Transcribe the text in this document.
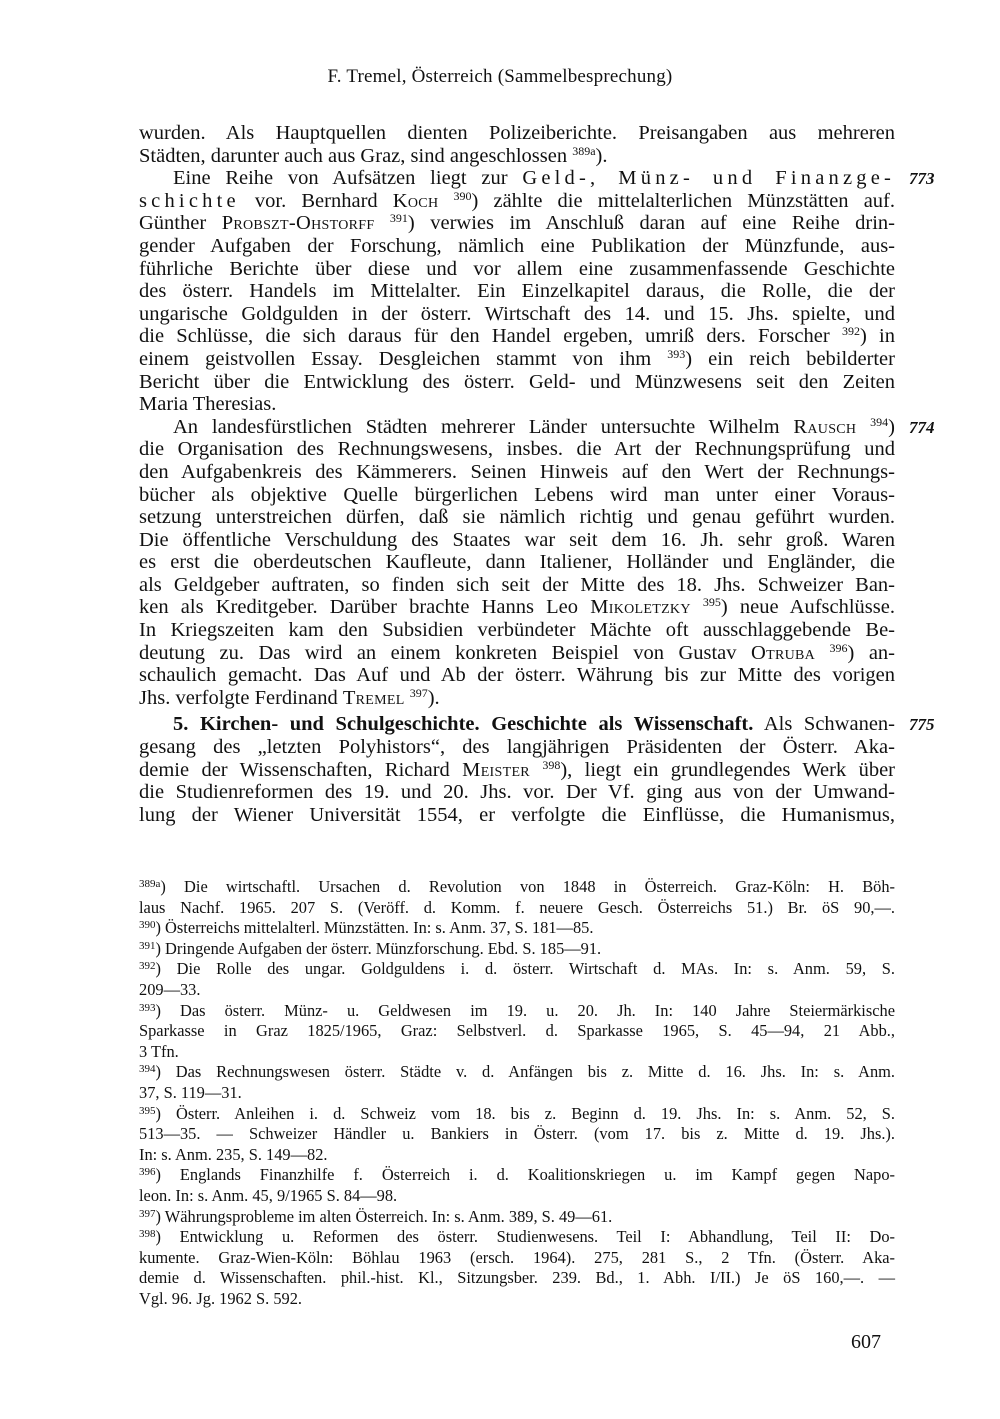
F. Tremel, Österreich (Sammelbesprechung)
wurden. Als Hauptquellen dienten Polizeiberichte. Preisangaben aus mehreren
Städten, darunter auch aus Graz, sind angeschlossen $^{389a}$).
Eine Reihe von Aufsätzen liegt zur Geld-, Münz- und Finanzge- 773
schichte vor. Bernhard Koch $^{390}$) zählte die mittelalterlichen Münzstätten auf.
Günther Probszt-Ohstorff $^{391}$) verwies im Anschluß daran auf eine Reihe drin-
gender Aufgaben der Forschung, nämlich eine Publikation der Münzfunde, aus-
führliche Berichte über diese und vor allem eine zusammenfassende Geschichte
des österr. Handels im Mittelalter. Ein Einzelkapitel daraus, die Rolle, die der
ungarische Goldgulden in der österr. Wirtschaft des 14. und 15. Jhs. spielte, und
die Schlüsse, die sich daraus für den Handel ergeben, umriß ders. Forscher $^{392}$) in
einem geistvollen Essay. Desgleichen stammt von ihm $^{393}$) ein reich bebilderter
Bericht über die Entwicklung des österr. Geld- und Münzwesens seit den Zeiten
Maria Theresias.
An landesfürstlichen Städten mehrerer Länder untersuchte Wilhelm Rausch $^{394}$) 774
die Organisation des Rechnungswesens, insbes. die Art der Rechnungsprüfung und
den Aufgabenkreis des Kämmerers. Seinen Hinweis auf den Wert der Rechnungs-
bücher als objektive Quelle bürgerlichen Lebens wird man unter einer Voraus-
setzung unterstreichen dürfen, daß sie nämlich richtig und genau geführt wurden.
Die öffentliche Verschuldung des Staates war seit dem 16. Jh. sehr groß. Waren
es erst die oberdeutschen Kaufleute, dann Italiener, Holländer und Engländer, die
als Geldgeber auftraten, so finden sich seit der Mitte des 18. Jhs. Schweizer Ban-
ken als Kreditgeber. Darüber brachte Hanns Leo Mikoletzky $^{395}$) neue Aufschlüsse.
In Kriegszeiten kam den Subsidien verbündeter Mächte oft ausschlaggebende Be-
deutung zu. Das wird an einem konkreten Beispiel von Gustav Otruba $^{396}$) an-
schaulich gemacht. Das Auf und Ab der österr. Währung bis zur Mitte des vorigen
Jhs. verfolgte Ferdinand Tremel $^{397}$).
5. Kirchen- und Schulgeschichte. Geschichte als Wissenschaft. Als Schwanen- 775
gesang des „letzten Polyhistors“, des langjährigen Präsidenten der Österr. Aka-
demie der Wissenschaften, Richard Meister $^{398}$), liegt ein grundlegendes Werk über
die Studienreformen des 19. und 20. Jhs. vor. Der Vf. ging aus von der Umwand-
lung der Wiener Universität 1554, er verfolgte die Einflüsse, die Humanismus,
$^{389a}$) Die wirtschaftl. Ursachen d. Revolution von 1848 in Österreich. Graz-Köln: H. Böh-
laus Nachf. 1965. 207 S. (Veröff. d. Komm. f. neuere Gesch. Österreichs 51.) Br. öS 90,—.
$^{390}$) Österreichs mittelalterl. Münzstätten. In: s. Anm. 37, S. 181—85.
$^{391}$) Dringende Aufgaben der österr. Münzforschung. Ebd. S. 185—91.
$^{392}$) Die Rolle des ungar. Goldguldens i. d. österr. Wirtschaft d. MAs. In: s. Anm. 59, S.
209—33.
$^{393}$) Das österr. Münz- u. Geldwesen im 19. u. 20. Jh. In: 140 Jahre Steiermärkische
Sparkasse in Graz 1825/1965, Graz: Selbstverl. d. Sparkasse 1965, S. 45—94, 21 Abb.,
3 Tfn.
$^{394}$) Das Rechnungswesen österr. Städte v. d. Anfängen bis z. Mitte d. 16. Jhs. In: s. Anm.
37, S. 119—31.
$^{395}$) Österr. Anleihen i. d. Schweiz vom 18. bis z. Beginn d. 19. Jhs. In: s. Anm. 52, S.
513—35. — Schweizer Händler u. Bankiers in Österr. (vom 17. bis z. Mitte d. 19. Jhs.).
In: s. Anm. 235, S. 149—82.
$^{396}$) Englands Finanzhilfe f. Österreich i. d. Koalitionskriegen u. im Kampf gegen Napo-
leon. In: s. Anm. 45, 9/1965 S. 84—98.
$^{397}$) Währungsprobleme im alten Österreich. In: s. Anm. 389, S. 49—61.
$^{398}$) Entwicklung u. Reformen des österr. Studienwesens. Teil I: Abhandlung, Teil II: Do-
kumente. Graz-Wien-Köln: Böhlau 1963 (ersch. 1964). 275, 281 S., 2 Tfn. (Österr. Aka-
demie d. Wissenschaften. phil.-hist. Kl., Sitzungsber. 239. Bd., 1. Abh. I/II.) Je öS 160,—. —
Vgl. 96. Jg. 1962 S. 592.
607
